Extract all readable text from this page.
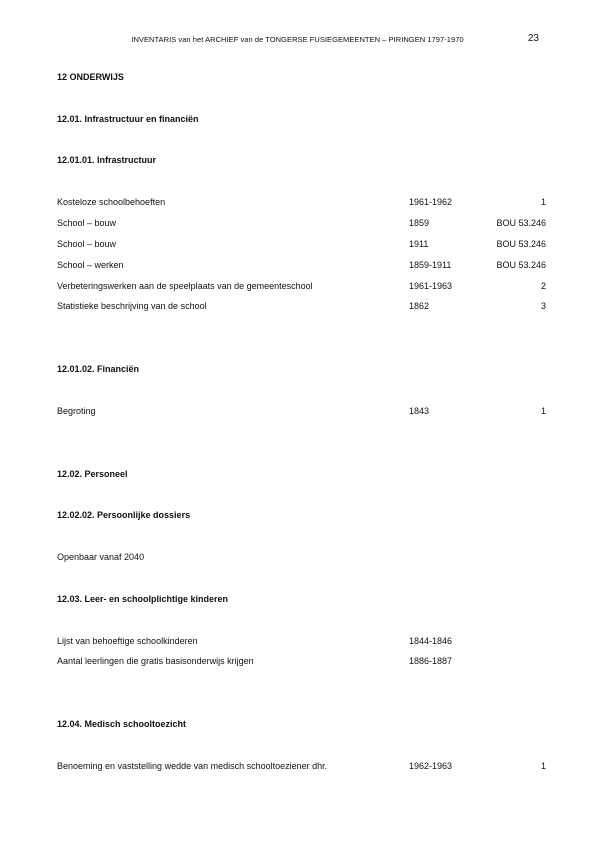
INVENTARIS van het ARCHIEF van de TONGERSE FUSIEGEMEENTEN – PIRINGEN 1797-1970	23
12 ONDERWIJS
12.01. Infrastructuur en financiën
12.01.01. Infrastructuur
Kosteloze schoolbehoeften	1961-1962	1
School – bouw	1859	BOU 53.246
School – bouw	1911	BOU 53.246
School – werken	1859-1911	BOU 53.246
Verbeteringswerken aan de speelplaats van de gemeenteschool	1961-1963	2
Statistieke beschrijving van de school	1862	3
12.01.02. Financiën
Begroting	1843	1
12.02. Personeel
12.02.02. Persoonlijke dossiers
Openbaar vanaf 2040
12.03. Leer- en schoolplichtige kinderen
Lijst van behoeftige schoolkinderen	1844-1846
Aantal leerlingen die gratis basisonderwijs krijgen	1886-1887
12.04. Medisch schooltoezicht
Benoeming en vaststelling wedde van medisch schooltoeziener dhr.	1962-1963	1
